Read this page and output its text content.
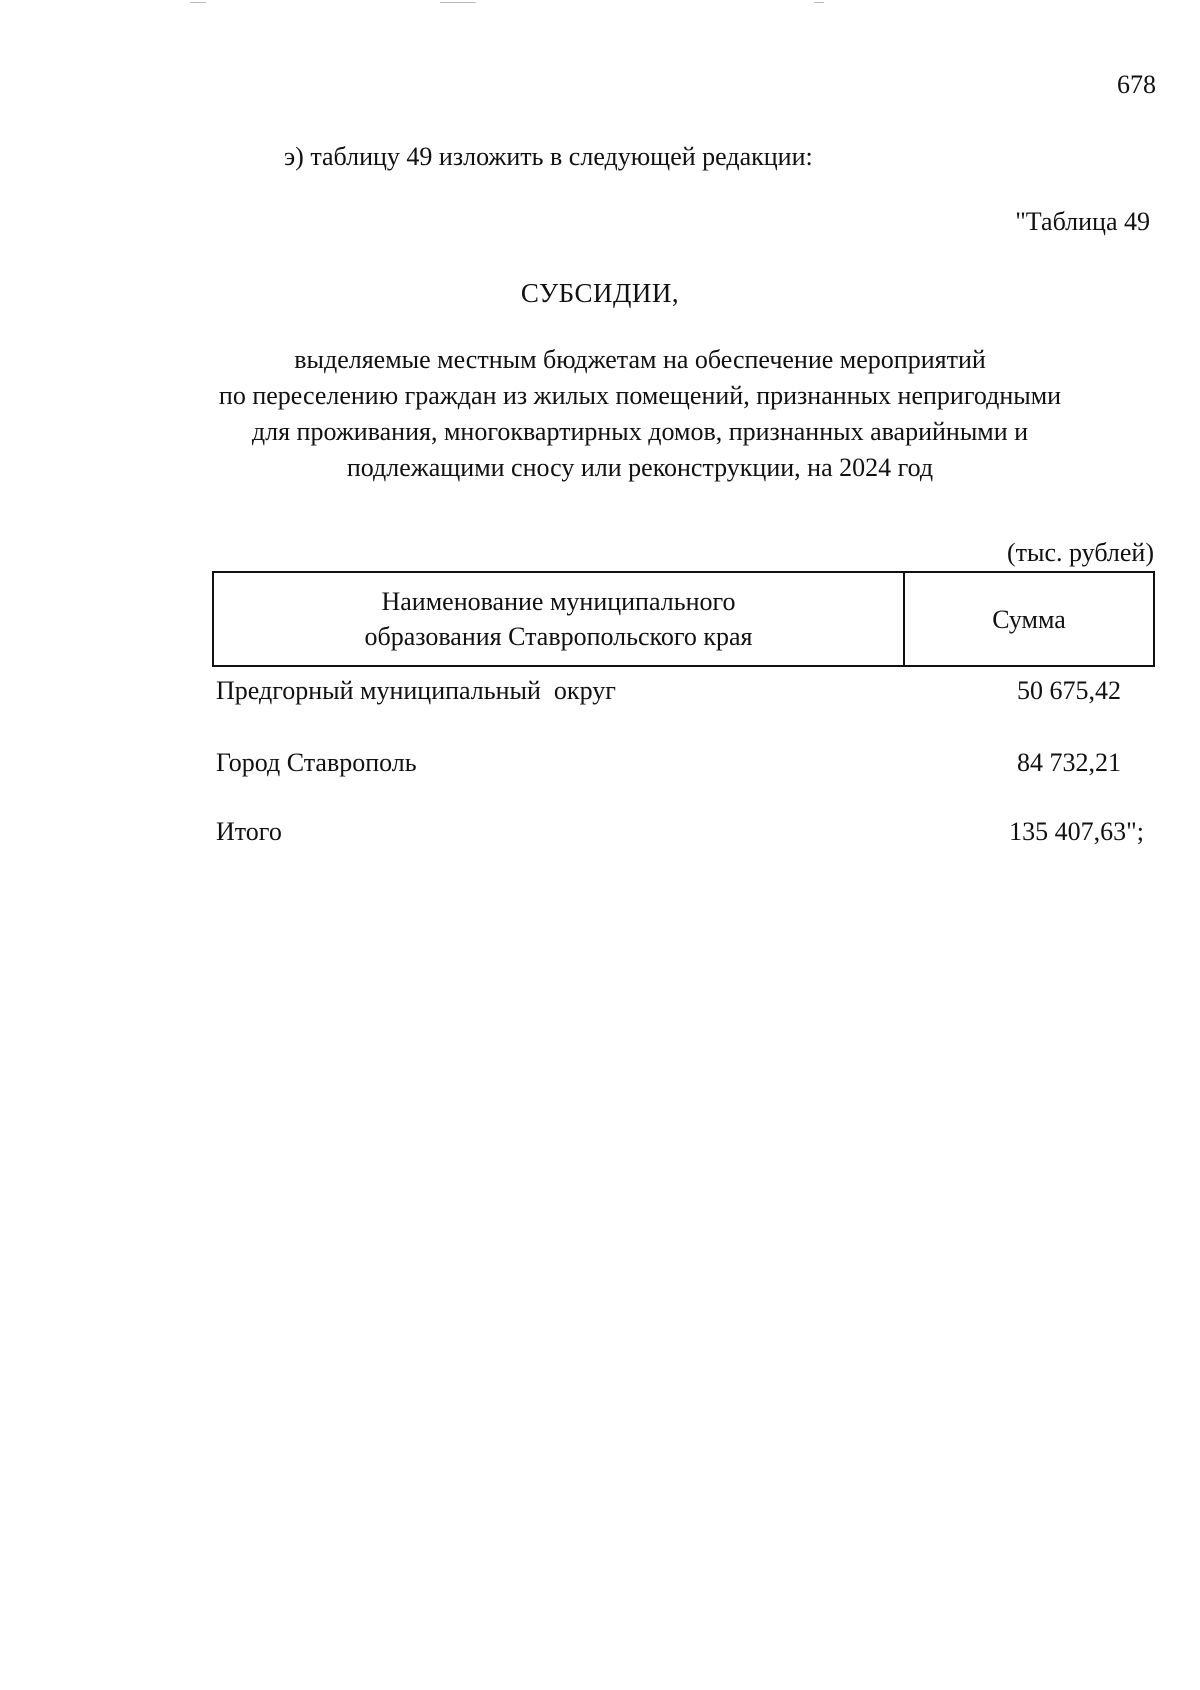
678
э) таблицу 49 изложить в следующей редакции:
"Таблица 49
СУБСИДИИ,
выделяемые местным бюджетам на обеспечение мероприятий
по переселению граждан из жилых помещений, признанных непригодными
для проживания, многоквартирных домов, признанных аварийными и
подлежащими сносу или реконструкции, на 2024 год
(тыс. рублей)
Наименование муниципального
образования Ставропольского края
Сумма
Предгорный муниципальный  округ	50 675,42
Город Ставрополь	84 732,21
Итого	135 407,63";
